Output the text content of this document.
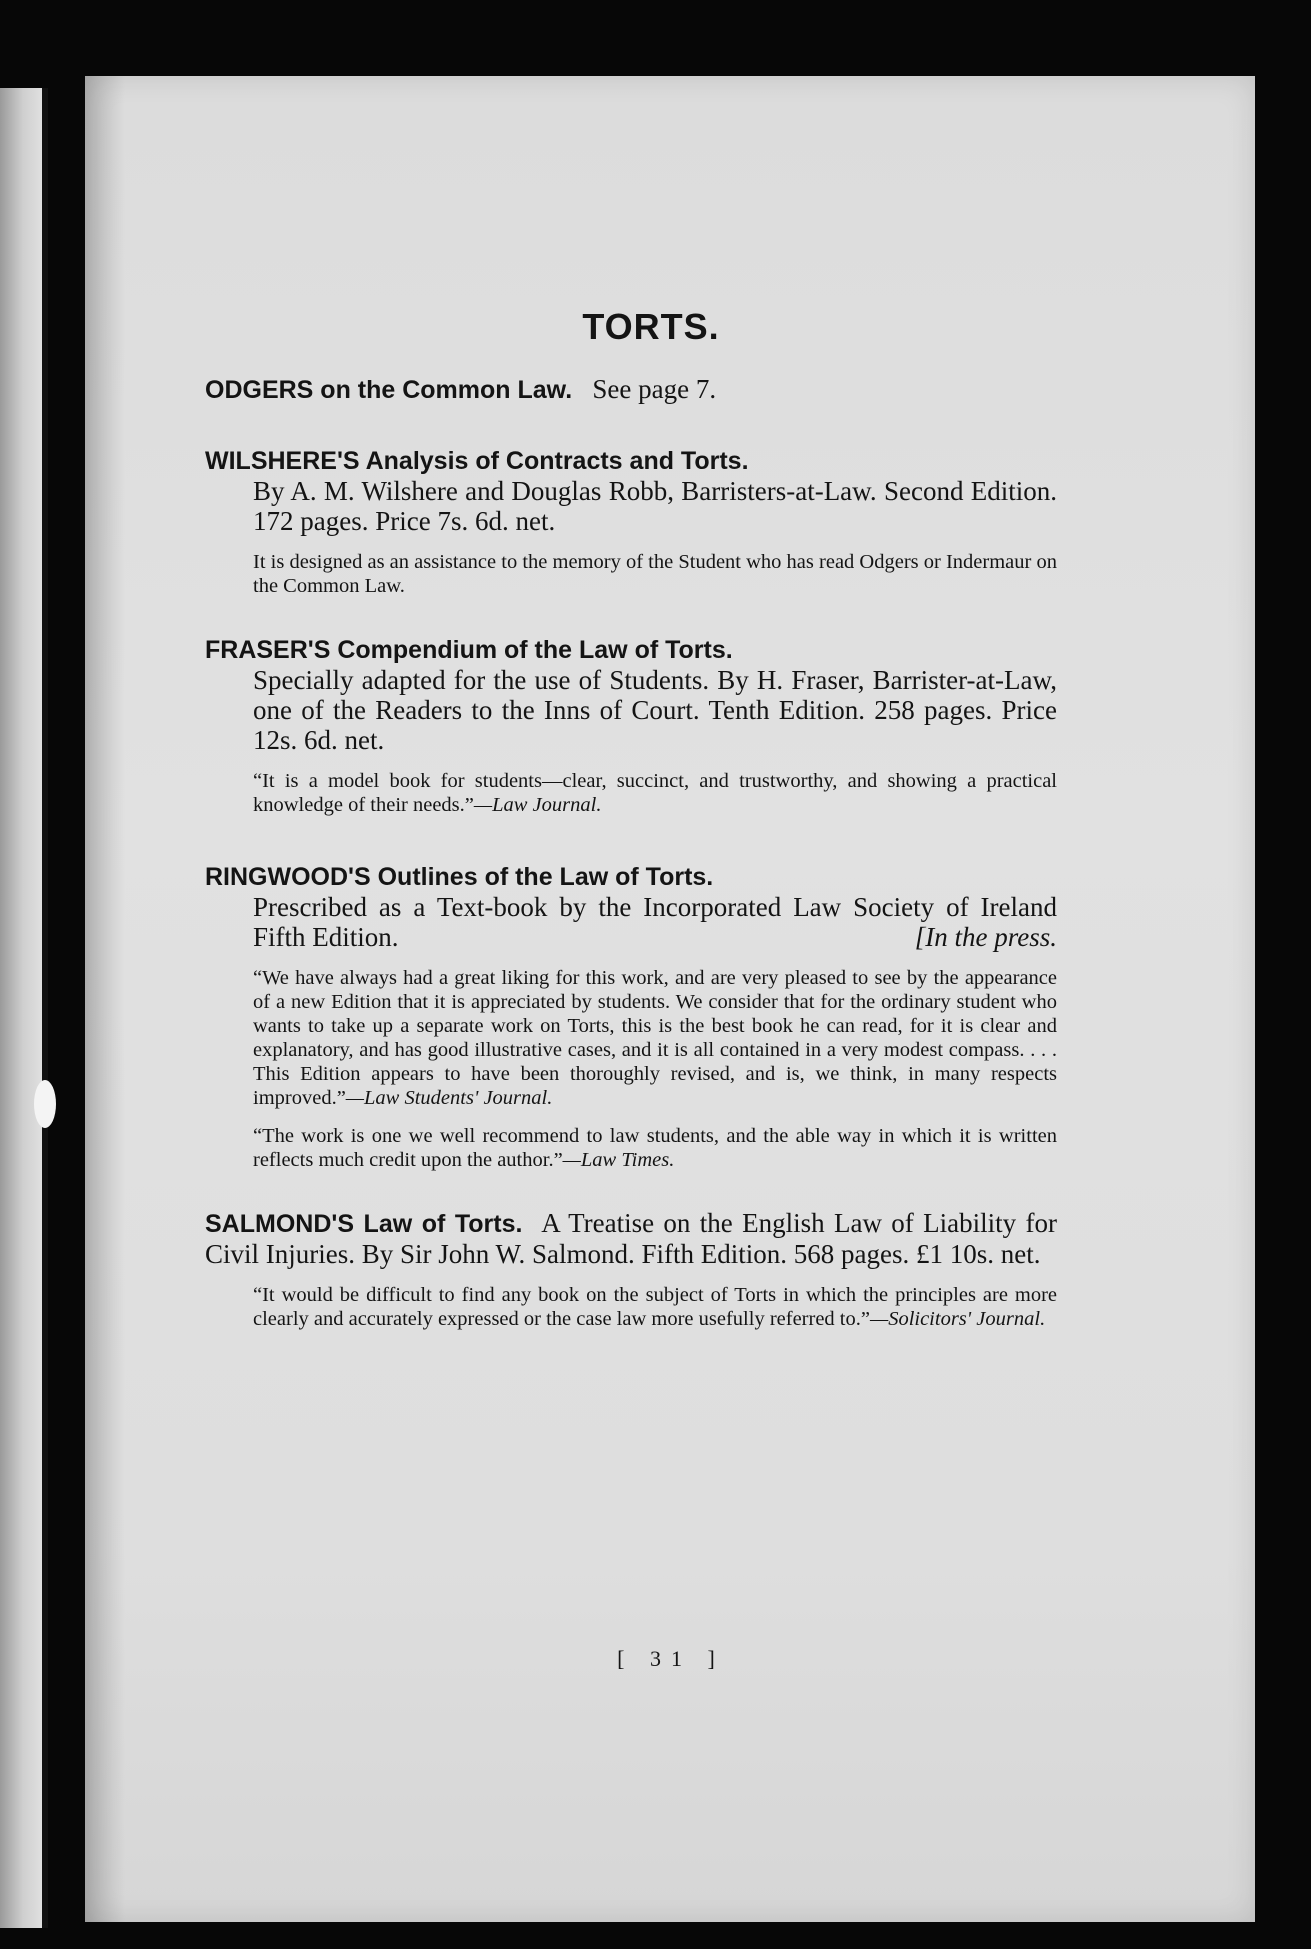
TORTS.
ODGERS on the Common Law. See page 7.
WILSHERE'S Analysis of Contracts and Torts.
By A. M. Wilshere and Douglas Robb, Barristers-at-Law. Second Edition. 172 pages. Price 7s. 6d. net.
It is designed as an assistance to the memory of the Student who has read Odgers or Indermaur on the Common Law.
FRASER'S Compendium of the Law of Torts.
Specially adapted for the use of Students. By H. Fraser, Barrister-at-Law, one of the Readers to the Inns of Court. Tenth Edition. 258 pages. Price 12s. 6d. net.
“It is a model book for students—clear, succinct, and trustworthy, and showing a practical knowledge of their needs.”—Law Journal.
RINGWOOD'S Outlines of the Law of Torts.
Prescribed as a Text-book by the Incorporated Law Society of Ireland Fifth Edition.	[In the press.
“We have always had a great liking for this work, and are very pleased to see by the appearance of a new Edition that it is appreciated by students. We consider that for the ordinary student who wants to take up a separate work on Torts, this is the best book he can read, for it is clear and explanatory, and has good illustrative cases, and it is all contained in a very modest compass. . . . This Edition appears to have been thoroughly revised, and is, we think, in many respects improved.”—Law Students' Journal.
“The work is one we well recommend to law students, and the able way in which it is written reflects much credit upon the author.”—Law Times.
SALMOND'S Law of Torts. A Treatise on the English Law of Liability for Civil Injuries. By Sir John W. Salmond. Fifth Edition. 568 pages. £1 10s. net.
“It would be difficult to find any book on the subject of Torts in which the principles are more clearly and accurately expressed or the case law more usefully referred to.”—Solicitors' Journal.
[ 31 ]
